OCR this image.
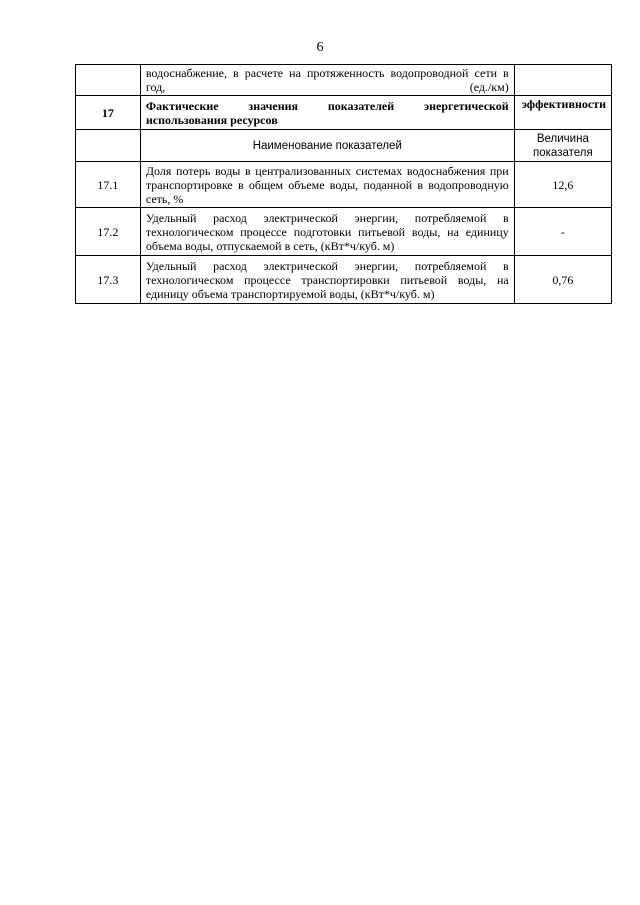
6
	водоснабжение, в расчете на протяженность водопроводной сети в год, (ед./км)	
17	Фактические значения показателей энергетической использования ресурсов	эффективности
	Наименование показателей	Величина показателя
17.1	Доля потерь воды в централизованных системах водоснабжения при транспортировке в общем объеме воды, поданной в водопроводную сеть, %	12,6
17.2	Удельный расход электрической энергии, потребляемой в технологическом процессе подготовки питьевой воды, на единицу объема воды, отпускаемой в сеть, (кВт*ч/куб. м)	-
17.3	Удельный расход электрической энергии, потребляемой в технологическом процессе транспортировки питьевой воды, на единицу объема транспортируемой воды, (кВт*ч/куб. м)	0,76
